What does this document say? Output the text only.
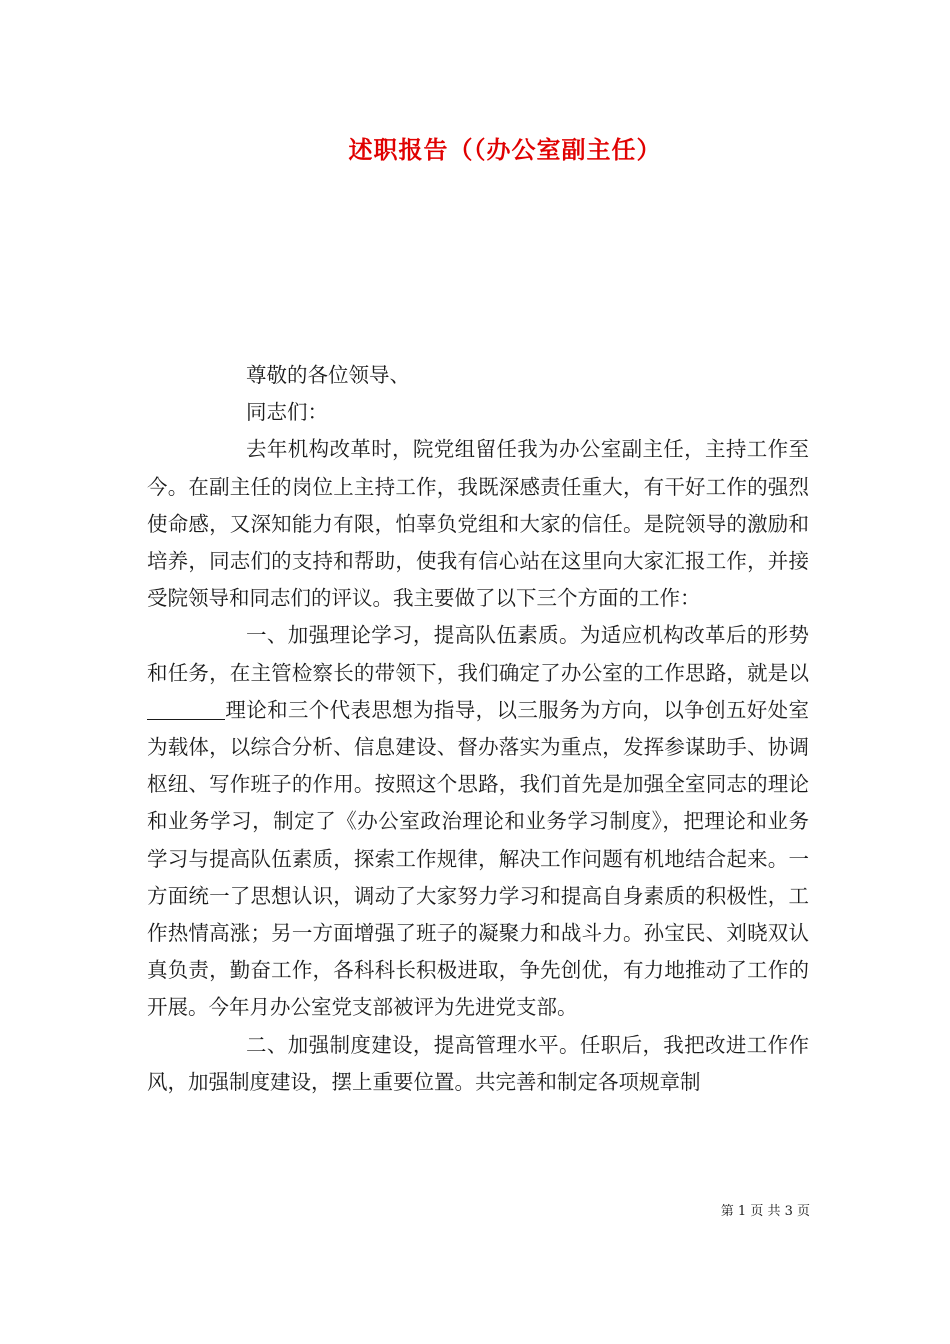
述职报告（（办公室副主任）

尊敬的各位领导、

同志们：

去年机构改革时，院党组留任我为办公室副主任，主持工作至今。在副主任的岗位上主持工作，我既深感责任重大，有干好工作的强烈使命感，又深知能力有限，怕辜负党组和大家的信任。是院领导的激励和培养，同志们的支持和帮助，使我有信心站在这里向大家汇报工作，并接受院领导和同志们的评议。我主要做了以下三个方面的工作：

一、加强理论学习，提高队伍素质。为适应机构改革后的形势和任务，在主管检察长的带领下，我们确定了办公室的工作思路，就是以理论和三个代表思想为指导，以三服务为方向，以争创五好处室为载体，以综合分析、信息建设、督办落实为重点，发挥参谋助手、协调枢纽、写作班子的作用。按照这个思路，我们首先是加强全室同志的理论和业务学习，制定了《办公室政治理论和业务学习制度》，把理论和业务学习与提高队伍素质，探索工作规律，解决工作问题有机地结合起来。一方面统一了思想认识，调动了大家努力学习和提高自身素质的积极性，工作热情高涨；另一方面增强了班子的凝聚力和战斗力。孙宝民、刘晓双认真负责，勤奋工作，各科科长积极进取，争先创优，有力地推动了工作的开展。今年月办公室党支部被评为先进党支部。

二、加强制度建设，提高管理水平。任职后，我把改进工作作风，加强制度建设，摆上重要位置。共完善和制定各项规章制

第 1 页 共 3 页
